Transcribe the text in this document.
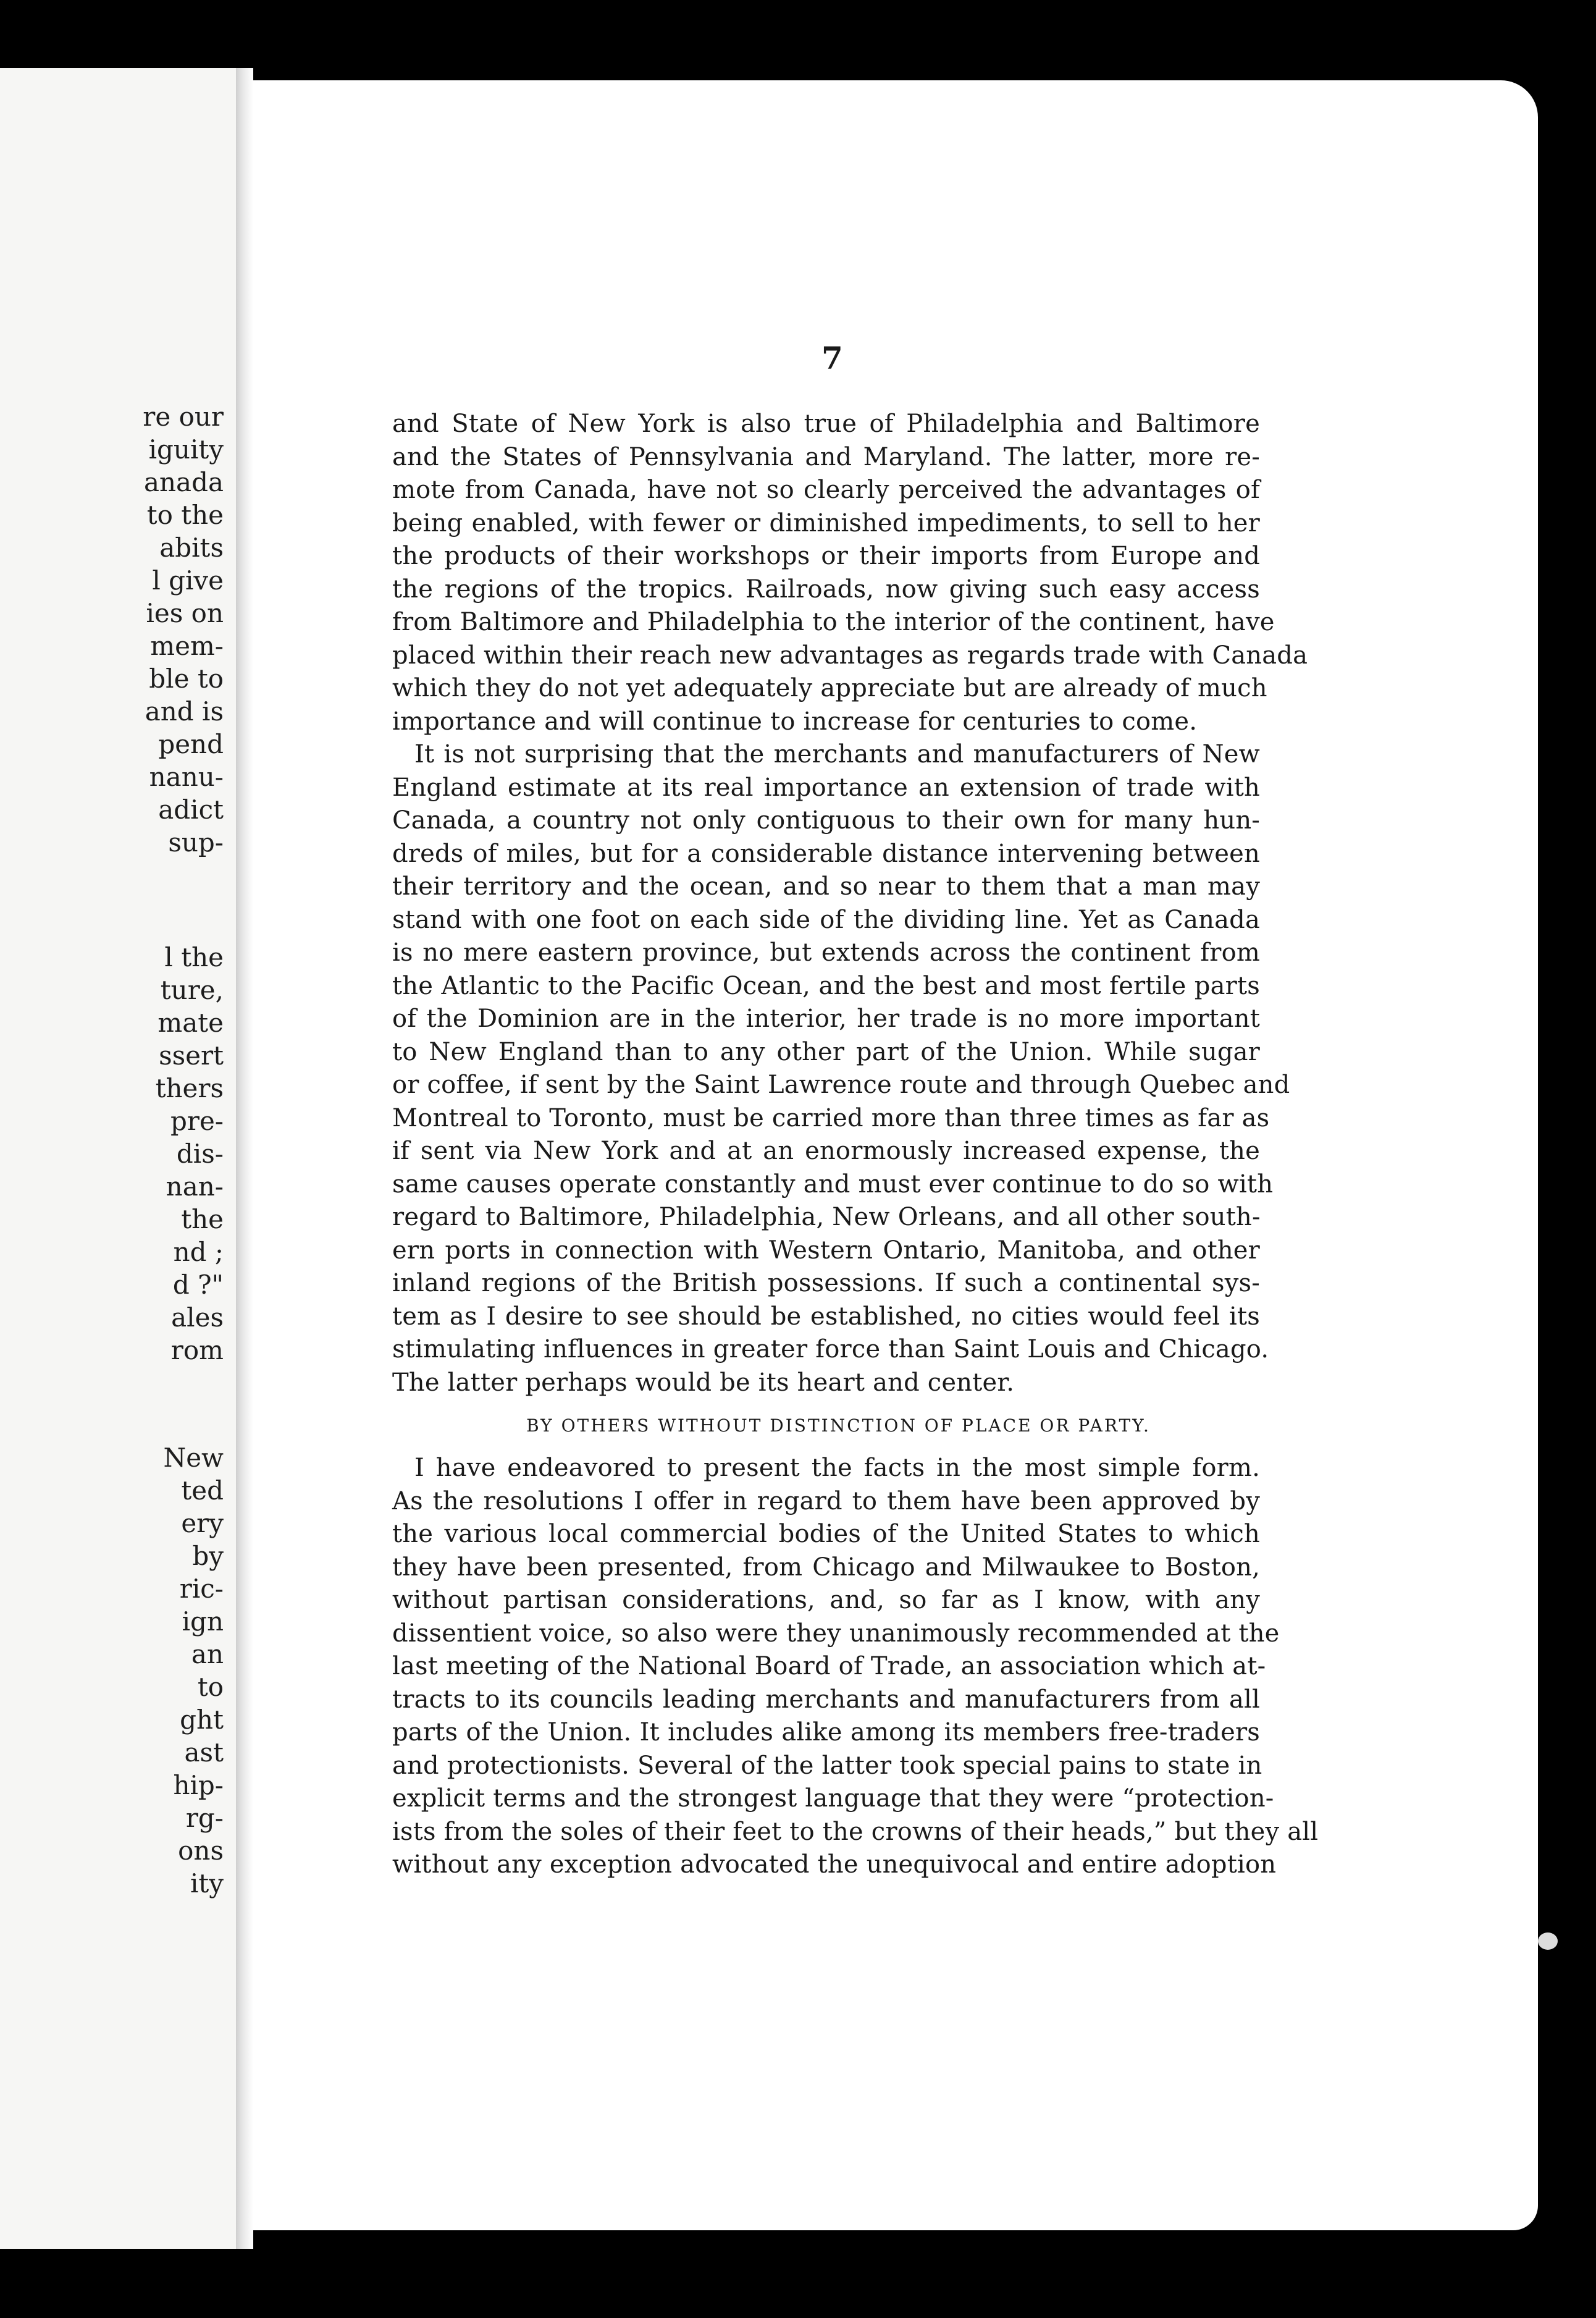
re our
iguity
anada
to the
abits
l give
ies on
mem-
ble to
and is
pend
nanu-
adict
sup-
l the
ture,
mate
ssert
thers
pre-
dis-
nan-
the
nd ;
d ?"
ales
rom
New
ted
ery
by
ric-
ign
an
to
ght
ast
hip-
rg-
ons
ity
7
and State of New York is also true of Philadelphia and Baltimore
and the States of Pennsylvania and Maryland. The latter, more re-
mote from Canada, have not so clearly perceived the advantages of
being enabled, with fewer or diminished impediments, to sell to her
the products of their workshops or their imports from Europe and
the regions of the tropics. Railroads, now giving such easy access
from Baltimore and Philadelphia to the interior of the continent, have
placed within their reach new advantages as regards trade with Canada
which they do not yet adequately appreciate but are already of much
importance and will continue to increase for centuries to come.
It is not surprising that the merchants and manufacturers of New
England estimate at its real importance an extension of trade with
Canada, a country not only contiguous to their own for many hun-
dreds of miles, but for a considerable distance intervening between
their territory and the ocean, and so near to them that a man may
stand with one foot on each side of the dividing line. Yet as Canada
is no mere eastern province, but extends across the continent from
the Atlantic to the Pacific Ocean, and the best and most fertile parts
of the Dominion are in the interior, her trade is no more important
to New England than to any other part of the Union. While sugar
or coffee, if sent by the Saint Lawrence route and through Quebec and
Montreal to Toronto, must be carried more than three times as far as
if sent via New York and at an enormously increased expense, the
same causes operate constantly and must ever continue to do so with
regard to Baltimore, Philadelphia, New Orleans, and all other south-
ern ports in connection with Western Ontario, Manitoba, and other
inland regions of the British possessions. If such a continental sys-
tem as I desire to see should be established, no cities would feel its
stimulating influences in greater force than Saint Louis and Chicago.
The latter perhaps would be its heart and center.
BY OTHERS WITHOUT DISTINCTION OF PLACE OR PARTY.
I have endeavored to present the facts in the most simple form.
As the resolutions I offer in regard to them have been approved by
the various local commercial bodies of the United States to which
they have been presented, from Chicago and Milwaukee to Boston,
without partisan considerations, and, so far as I know, with any
dissentient voice, so also were they unanimously recommended at the
last meeting of the National Board of Trade, an association which at-
tracts to its councils leading merchants and manufacturers from all
parts of the Union. It includes alike among its members free-traders
and protectionists. Several of the latter took special pains to state in
explicit terms and the strongest language that they were “protection-
ists from the soles of their feet to the crowns of their heads,” but they all
without any exception advocated the unequivocal and entire adoption
